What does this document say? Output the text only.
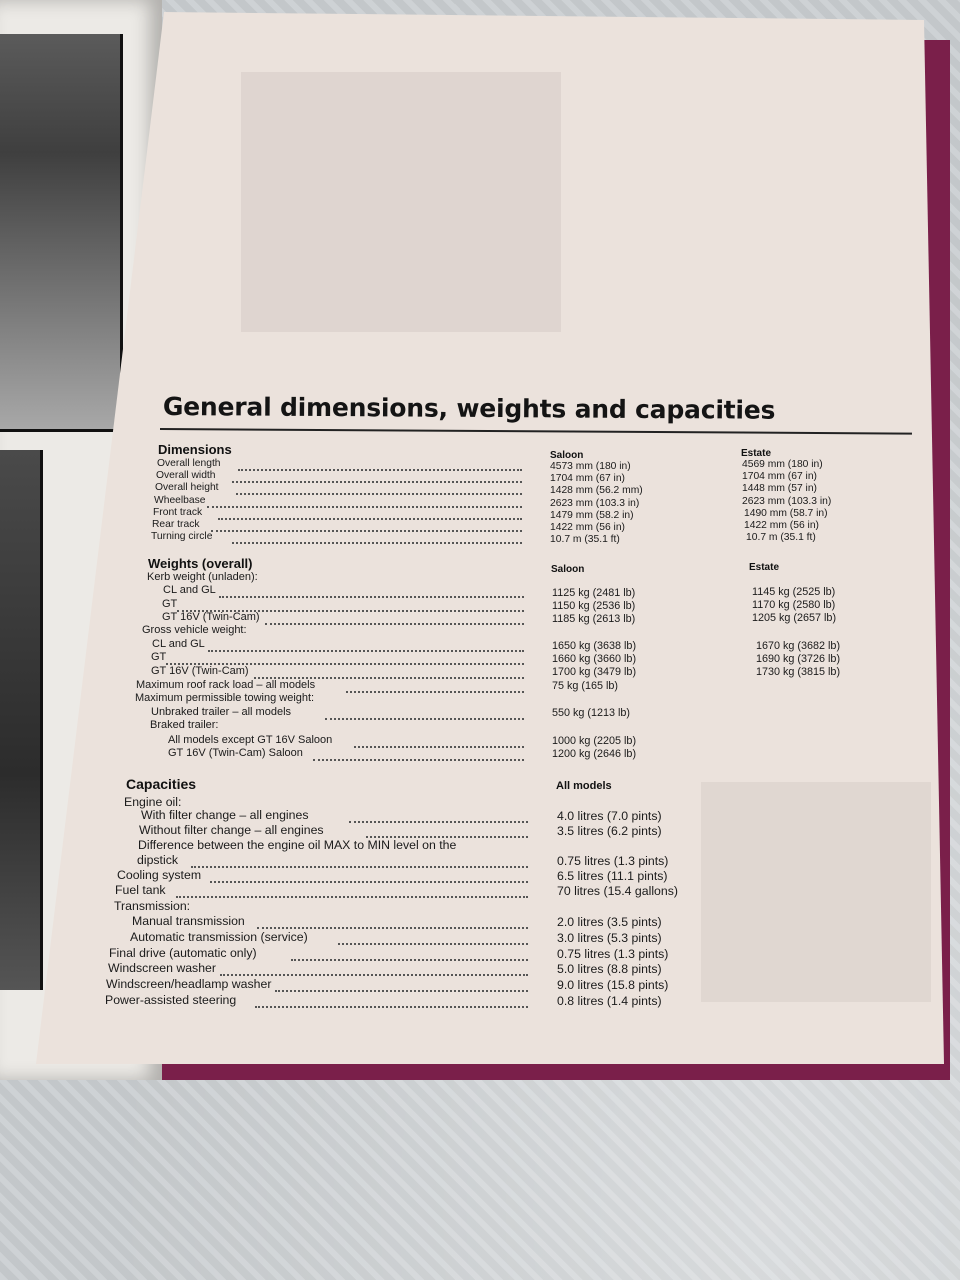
General dimensions, weights and capacities
Dimensions	Saloon	Estate
Overall length	4573 mm (180 in)	4569 mm (180 in)
Overall width	1704 mm (67 in)	1704 mm (67 in)
Overall height	1428 mm (56.2 mm)	1448 mm (57 in)
Wheelbase	2623 mm (103.3 in)	2623 mm (103.3 in)
Front track	1479 mm (58.2 in)	1490 mm (58.7 in)
Rear track	1422 mm (56 in)	1422 mm (56 in)
Turning circle	10.7 m (35.1 ft)	10.7 m (35.1 ft)
Weights (overall)	Saloon	Estate
Kerb weight (unladen):
CL and GL	1125 kg (2481 lb)	1145 kg (2525 lb)
GT	1150 kg (2536 lb)	1170 kg (2580 lb)
GT 16V (Twin-Cam)	1185 kg (2613 lb)	1205 kg (2657 lb)
Gross vehicle weight:
CL and GL	1650 kg (3638 lb)	1670 kg (3682 lb)
GT	1660 kg (3660 lb)	1690 kg (3726 lb)
GT 16V (Twin-Cam)	1700 kg (3479 lb)	1730 kg (3815 lb)
Maximum roof rack load – all models	75 kg (165 lb)
Maximum permissible towing weight:
Unbraked trailer – all models	550 kg (1213 lb)
Braked trailer:
All models except GT 16V Saloon	1000 kg (2205 lb)
GT 16V (Twin-Cam) Saloon	1200 kg (2646 lb)
Capacities	All models
Engine oil:
With filter change – all engines	4.0 litres (7.0 pints)
Without filter change – all engines	3.5 litres (6.2 pints)
Difference between the engine oil MAX to MIN level on the
dipstick	0.75 litres (1.3 pints)
Cooling system	6.5 litres (11.1 pints)
Fuel tank	70 litres (15.4 gallons)
Transmission:
Manual transmission	2.0 litres (3.5 pints)
Automatic transmission (service)	3.0 litres (5.3 pints)
Final drive (automatic only)	0.75 litres (1.3 pints)
Windscreen washer	5.0 litres (8.8 pints)
Windscreen/headlamp washer	9.0 litres (15.8 pints)
Power-assisted steering	0.8 litres (1.4 pints)
